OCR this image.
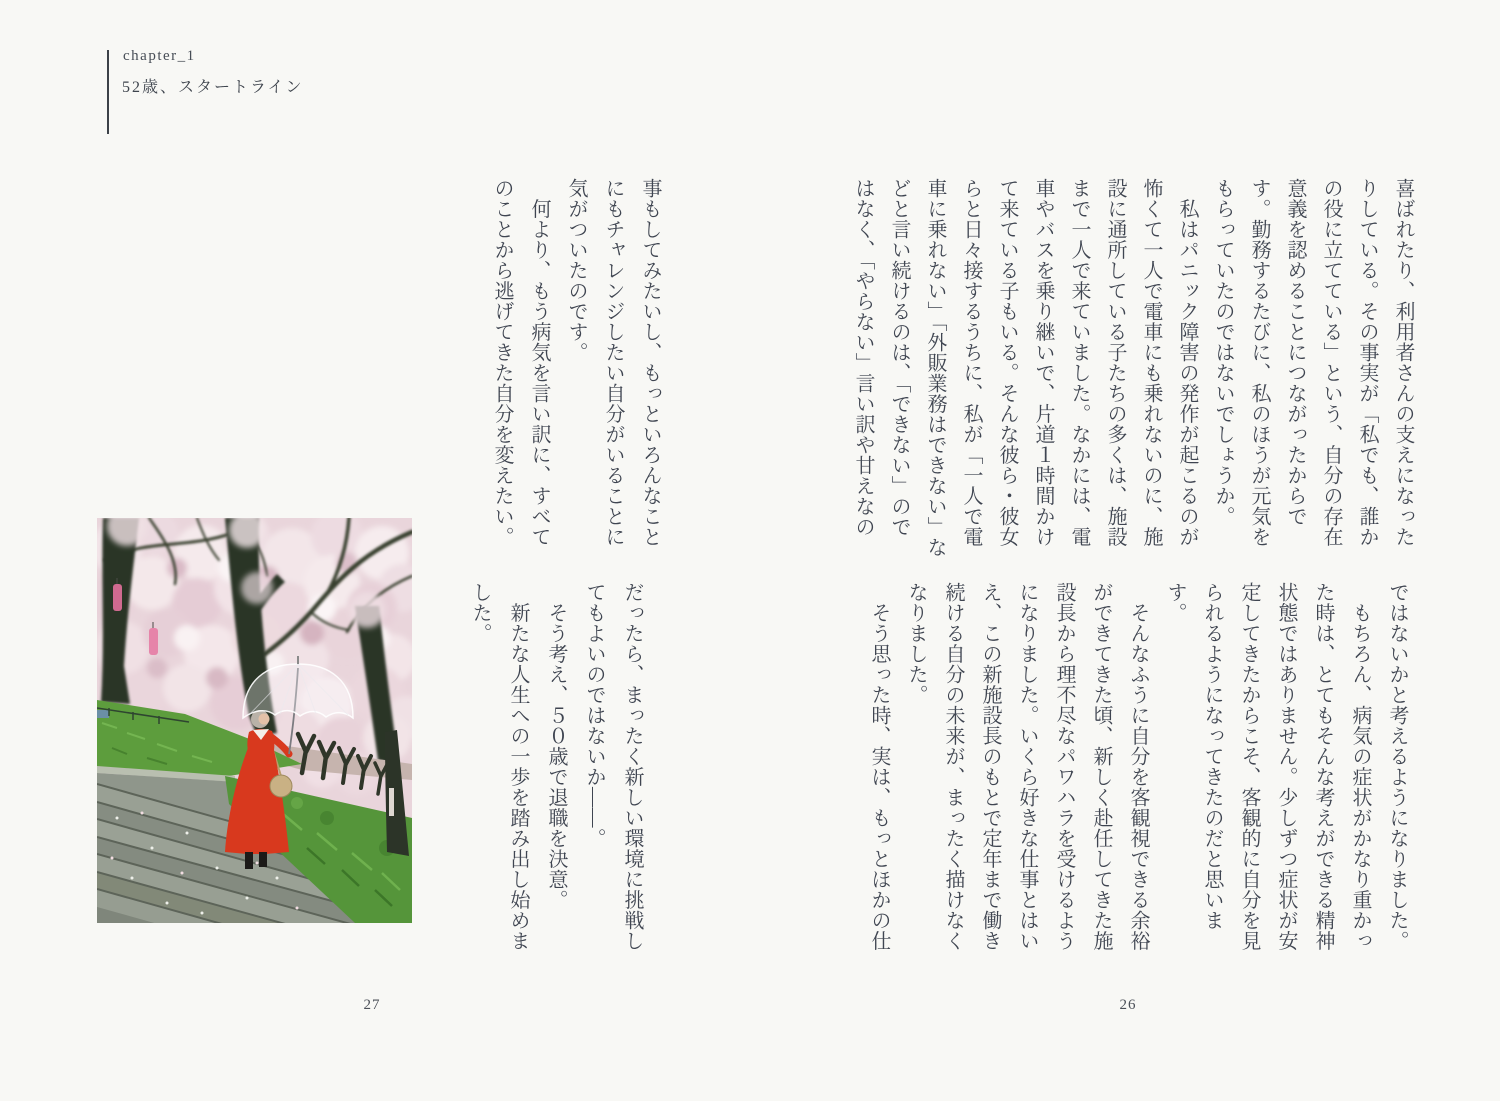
chapter_1
52歳、スタートライン
喜ばれたり、利用者さんの支えになった
りしている。その事実が「私でも、誰か
の役に立てている」という、自分の存在
意義を認めることにつながったからで
す。勤務するたびに、私のほうが元気を
もらっていたのではないでしょうか。
　私はパニック障害の発作が起こるのが
怖くて一人で電車にも乗れないのに、施
設に通所している子たちの多くは、施設
まで一人で来ていました。なかには、電
車やバスを乗り継いで、片道１時間かけ
て来ている子もいる。そんな彼ら・彼女
らと日々接するうちに、私が「一人で電
車に乗れない」「外販業務はできない」な
どと言い続けるのは、「できない」ので
はなく、「やらない」言い訳や甘えなの
ではないかと考えるようになりました。
　もちろん、病気の症状がかなり重かっ
た時は、とてもそんな考えができる精神
状態ではありません。少しずつ症状が安
定してきたからこそ、客観的に自分を見
られるようになってきたのだと思いま
す。
　そんなふうに自分を客観視できる余裕
ができてきた頃、新しく赴任してきた施
設長から理不尽なパワハラを受けるよう
になりました。いくら好きな仕事とはい
え、この新施設長のもとで定年まで働き
続ける自分の未来が、まったく描けなく
なりました。
　そう思った時、実は、もっとほかの仕
事もしてみたいし、もっといろんなこと
にもチャレンジしたい自分がいることに
気がついたのです。
　何より、もう病気を言い訳に、すべて
のことから逃げてきた自分を変えたい。
だったら、まったく新しい環境に挑戦し
てもよいのではないか——。
　そう考え、５０歳で退職を決意。
　新たな人生への一歩を踏み出し始めま
した。
27	26
